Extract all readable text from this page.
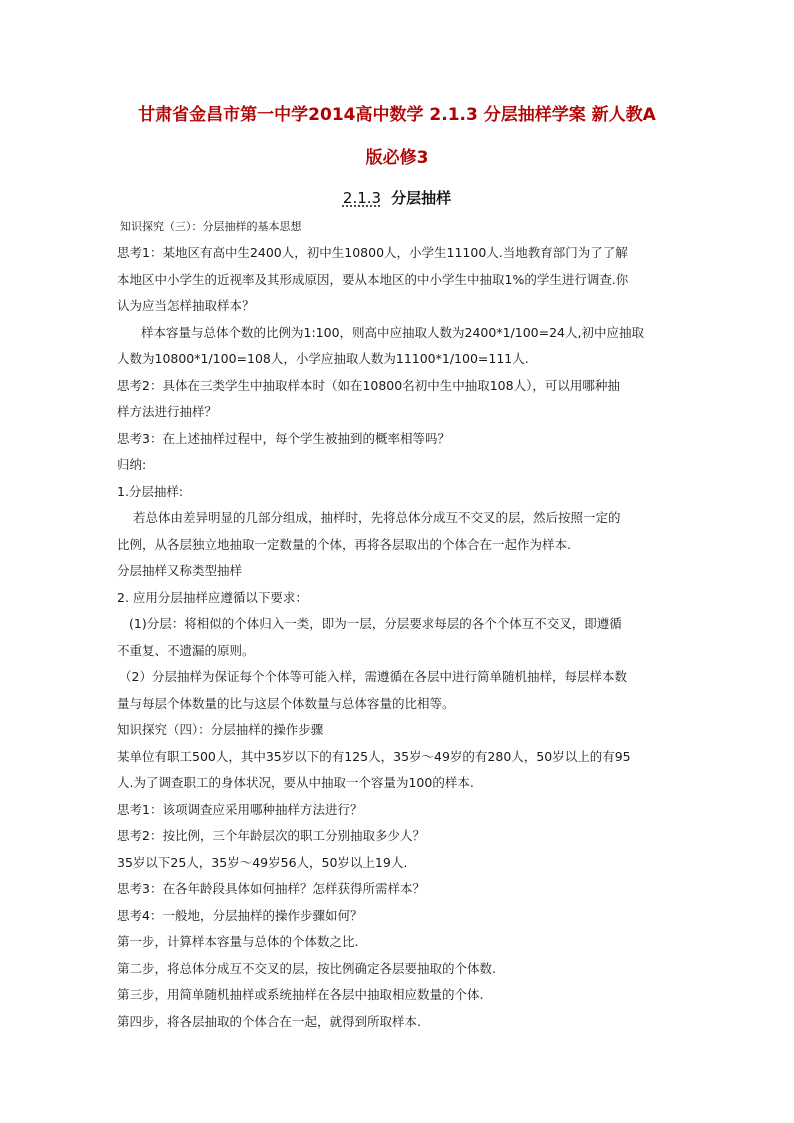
甘肃省金昌市第一中学2014高中数学 2.1.3 分层抽样学案 新人教A
版必修3
2.1.3 分层抽样

知识探究（三）：分层抽样的基本思想

思考1：某地区有高中生2400人，初中生10800人，小学生11100人.当地教育部门为了了解

本地区中小学生的近视率及其形成原因，要从本地区的中小学生中抽取1%的学生进行调查.你

认为应当怎样抽取样本？

样本容量与总体个数的比例为1:100，则高中应抽取人数为2400*1/100=24人,初中应抽取

人数为10800*1/100=108人，小学应抽取人数为11100*1/100=111人.

思考2：具体在三类学生中抽取样本时（如在10800名初中生中抽取108人），可以用哪种抽

样方法进行抽样？

思考3：在上述抽样过程中，每个学生被抽到的概率相等吗？

归纳:

1.分层抽样:

若总体由差异明显的几部分组成，抽样时，先将总体分成互不交叉的层，然后按照一定的

比例，从各层独立地抽取一定数量的个体，再将各层取出的个体合在一起作为样本.

分层抽样又称类型抽样

2. 应用分层抽样应遵循以下要求：

(1)分层：将相似的个体归入一类，即为一层，分层要求每层的各个个体互不交叉，即遵循

不重复、不遗漏的原则。

（2）分层抽样为保证每个个体等可能入样，需遵循在各层中进行简单随机抽样，每层样本数

量与每层个体数量的比与这层个体数量与总体容量的比相等。

知识探究（四）：分层抽样的操作步骤

某单位有职工500人，其中35岁以下的有125人，35岁～49岁的有280人，50岁以上的有95

人.为了调查职工的身体状况，要从中抽取一个容量为100的样本.

思考1：该项调查应采用哪种抽样方法进行？

思考2：按比例，三个年龄层次的职工分别抽取多少人？

35岁以下25人，35岁～49岁56人，50岁以上19人.

思考3：在各年龄段具体如何抽样？怎样获得所需样本？

思考4：一般地，分层抽样的操作步骤如何？

第一步，计算样本容量与总体的个体数之比.

第二步，将总体分成互不交叉的层，按比例确定各层要抽取的个体数.

第三步，用简单随机抽样或系统抽样在各层中抽取相应数量的个体.

第四步，将各层抽取的个体合在一起，就得到所取样本.
